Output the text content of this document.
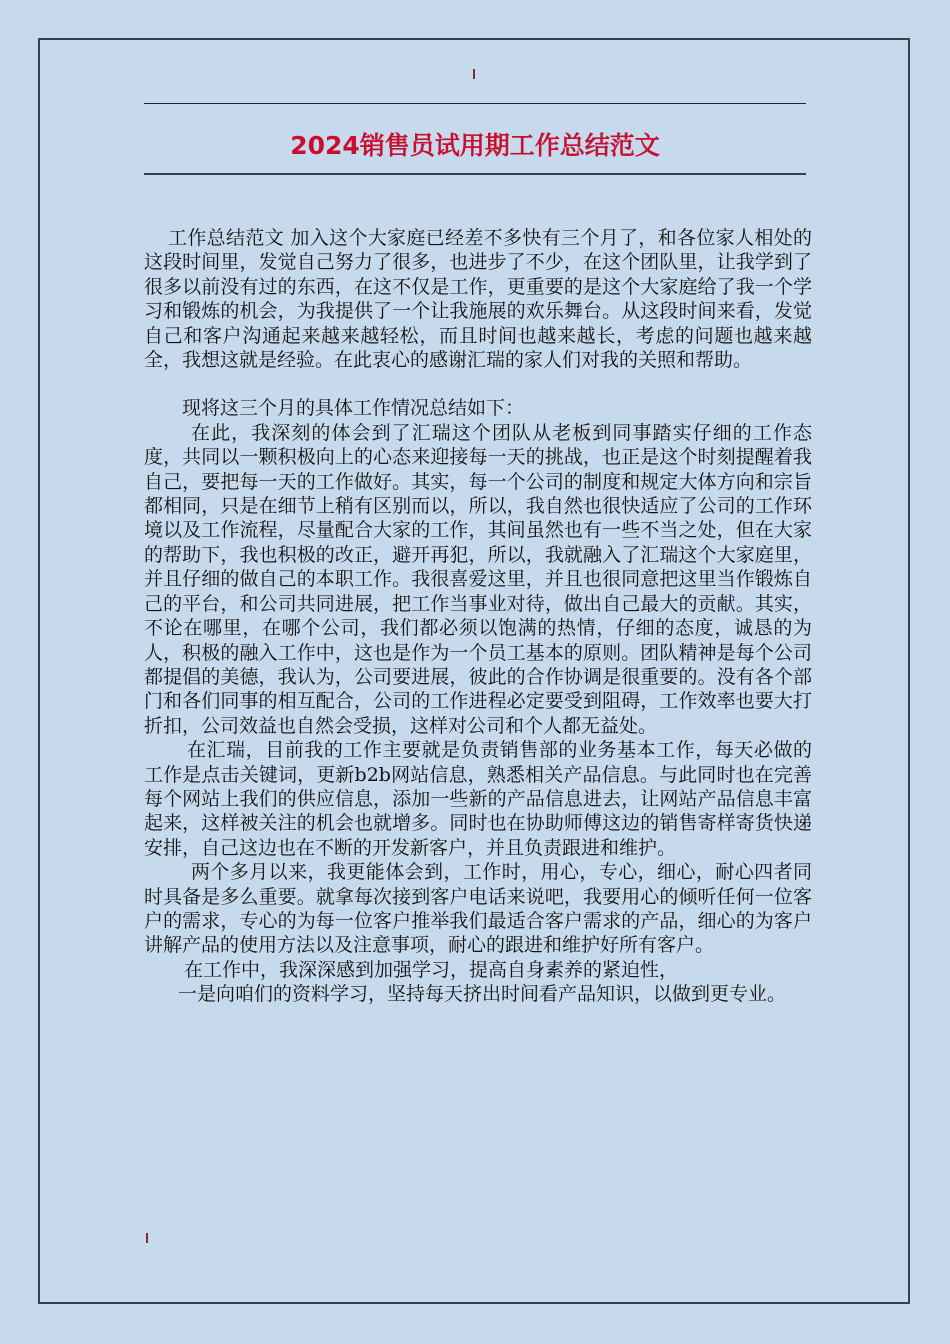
2024销售员试用期工作总结范文

工作总结范文 加入这个大家庭已经差不多快有三个月了，和各位家人相处的这段时间里，发觉自己努力了很多，也进步了不少，在这个团队里，让我学到了很多以前没有过的东西，在这不仅是工作，更重要的是这个大家庭给了我一个学习和锻炼的机会，为我提供了一个让我施展的欢乐舞台。从这段时间来看，发觉自己和客户沟通起来越来越轻松，而且时间也越来越长，考虑的问题也越来越全，我想这就是经验。在此衷心的感谢汇瑞的家人们对我的关照和帮助。

现将这三个月的具体工作情况总结如下：

在此，我深刻的体会到了汇瑞这个团队从老板到同事踏实仔细的工作态度，共同以一颗积极向上的心态来迎接每一天的挑战，也正是这个时刻提醒着我自己，要把每一天的工作做好。其实，每一个公司的制度和规定大体方向和宗旨都相同，只是在细节上稍有区别而以，所以，我自然也很快适应了公司的工作环境以及工作流程，尽量配合大家的工作，其间虽然也有一些不当之处，但在大家的帮助下，我也积极的改正，避开再犯，所以，我就融入了汇瑞这个大家庭里，并且仔细的做自己的本职工作。我很喜爱这里，并且也很同意把这里当作锻炼自己的平台，和公司共同进展，把工作当事业对待，做出自己最大的贡献。其实，不论在哪里，在哪个公司，我们都必须以饱满的热情，仔细的态度，诚恳的为人，积极的融入工作中，这也是作为一个员工基本的原则。团队精神是每个公司都提倡的美德，我认为，公司要进展，彼此的合作协调是很重要的。没有各个部门和各们同事的相互配合，公司的工作进程必定要受到阻碍，工作效率也要大打折扣，公司效益也自然会受损，这样对公司和个人都无益处。

在汇瑞，目前我的工作主要就是负责销售部的业务基本工作，每天必做的工作是点击关键词，更新b2b网站信息，熟悉相关产品信息。与此同时也在完善每个网站上我们的供应信息，添加一些新的产品信息进去，让网站产品信息丰富起来，这样被关注的机会也就增多。同时也在协助师傅这边的销售寄样寄货快递安排，自己这边也在不断的开发新客户，并且负责跟进和维护。

两个多月以来，我更能体会到，工作时，用心，专心，细心，耐心四者同时具备是多么重要。就拿每次接到客户电话来说吧，我要用心的倾听任何一位客户的需求，专心的为每一位客户推举我们最适合客户需求的产品，细心的为客户讲解产品的使用方法以及注意事项，耐心的跟进和维护好所有客户。

在工作中，我深深感到加强学习，提高自身素养的紧迫性，

一是向咱们的资料学习，坚持每天挤出时间看产品知识，以做到更专业。
